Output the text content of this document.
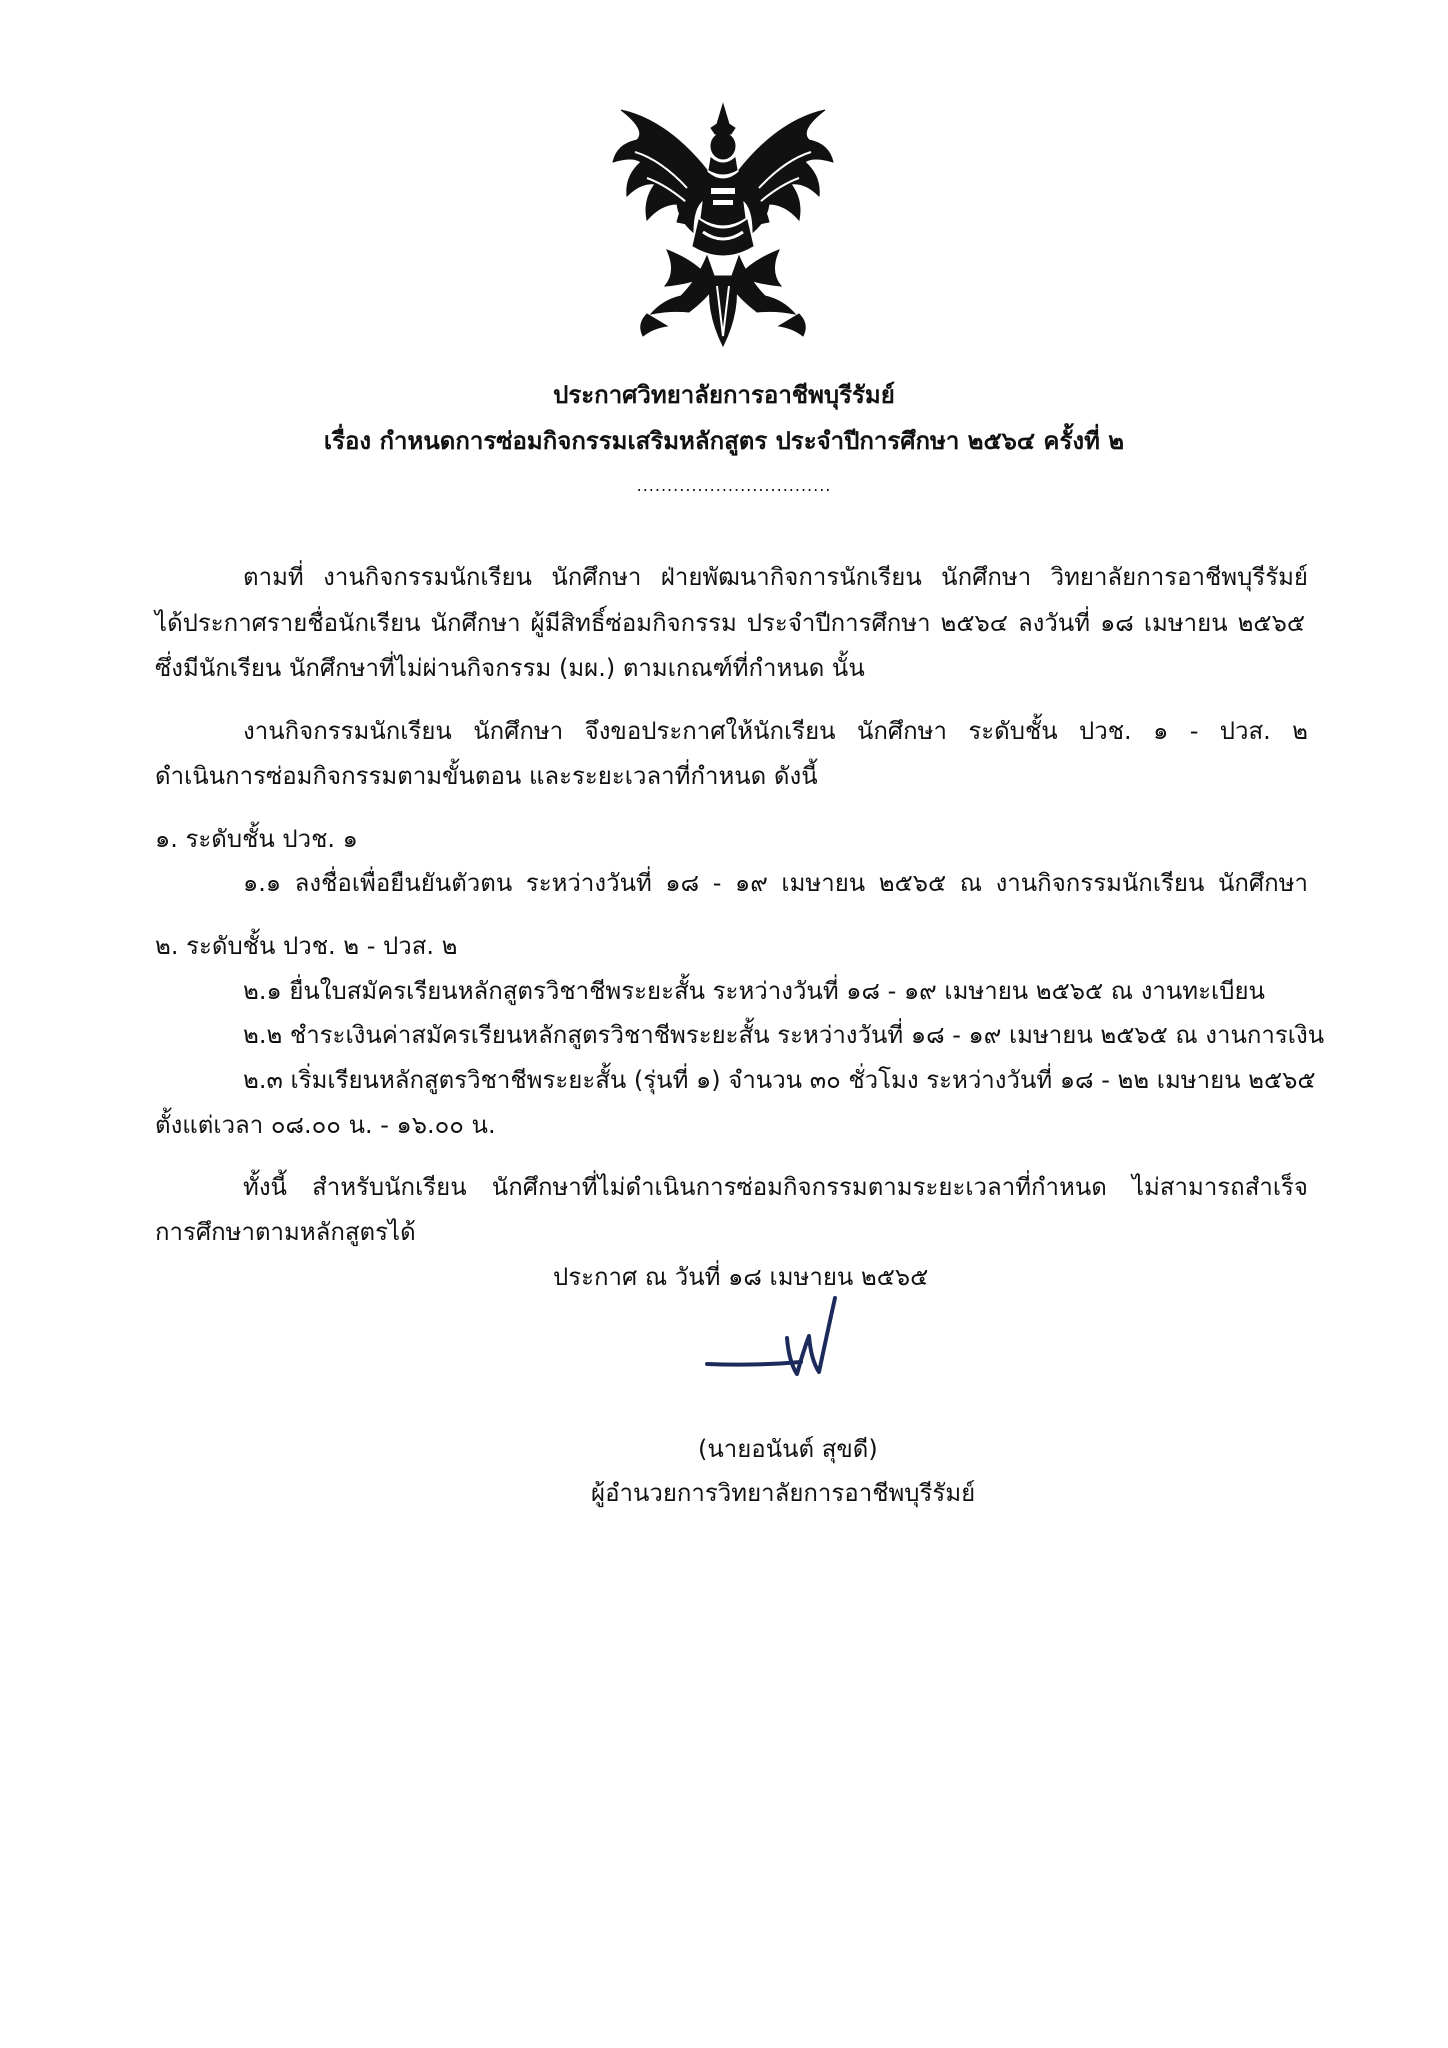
ประกาศวิทยาลัยการอาชีพบุรีรัมย์
เรื่อง กำหนดการซ่อมกิจกรรมเสริมหลักสูตร ประจำปีการศึกษา ๒๕๖๔ ครั้งที่ ๒
................................
ตามที่ งานกิจกรรมนักเรียน นักศึกษา ฝ่ายพัฒนากิจการนักเรียน นักศึกษา วิทยาลัยการอาชีพบุรีรัมย์
ได้ประกาศรายชื่อนักเรียน นักศึกษา ผู้มีสิทธิ์ซ่อมกิจกรรม ประจำปีการศึกษา ๒๕๖๔ ลงวันที่ ๑๘ เมษายน ๒๕๖๕
ซึ่งมีนักเรียน นักศึกษาที่ไม่ผ่านกิจกรรม (มผ.) ตามเกณฑ์ที่กำหนด นั้น
งานกิจกรรมนักเรียน นักศึกษา จึงขอประกาศให้นักเรียน นักศึกษา ระดับชั้น ปวช. ๑ - ปวส. ๒
ดำเนินการซ่อมกิจกรรมตามขั้นตอน และระยะเวลาที่กำหนด ดังนี้
๑. ระดับชั้น ปวช. ๑
๑.๑ ลงชื่อเพื่อยืนยันตัวตน ระหว่างวันที่ ๑๘ - ๑๙ เมษายน ๒๕๖๕ ณ งานกิจกรรมนักเรียน นักศึกษา
๒. ระดับชั้น ปวช. ๒ - ปวส. ๒
๒.๑ ยื่นใบสมัครเรียนหลักสูตรวิชาชีพระยะสั้น ระหว่างวันที่ ๑๘ - ๑๙ เมษายน ๒๕๖๕ ณ งานทะเบียน
๒.๒ ชำระเงินค่าสมัครเรียนหลักสูตรวิชาชีพระยะสั้น ระหว่างวันที่ ๑๘ - ๑๙ เมษายน ๒๕๖๕ ณ งานการเงิน
๒.๓ เริ่มเรียนหลักสูตรวิชาชีพระยะสั้น (รุ่นที่ ๑) จำนวน ๓๐ ชั่วโมง ระหว่างวันที่ ๑๘ - ๒๒ เมษายน ๒๕๖๕
ตั้งแต่เวลา ๐๘.๐๐ น. - ๑๖.๐๐ น.
ทั้งนี้ สำหรับนักเรียน นักศึกษาที่ไม่ดำเนินการซ่อมกิจกรรมตามระยะเวลาที่กำหนด ไม่สามารถสำเร็จ
การศึกษาตามหลักสูตรได้
ประกาศ ณ วันที่ ๑๘ เมษายน ๒๕๖๕
(นายอนันต์ สุขดี)
ผู้อำนวยการวิทยาลัยการอาชีพบุรีรัมย์
